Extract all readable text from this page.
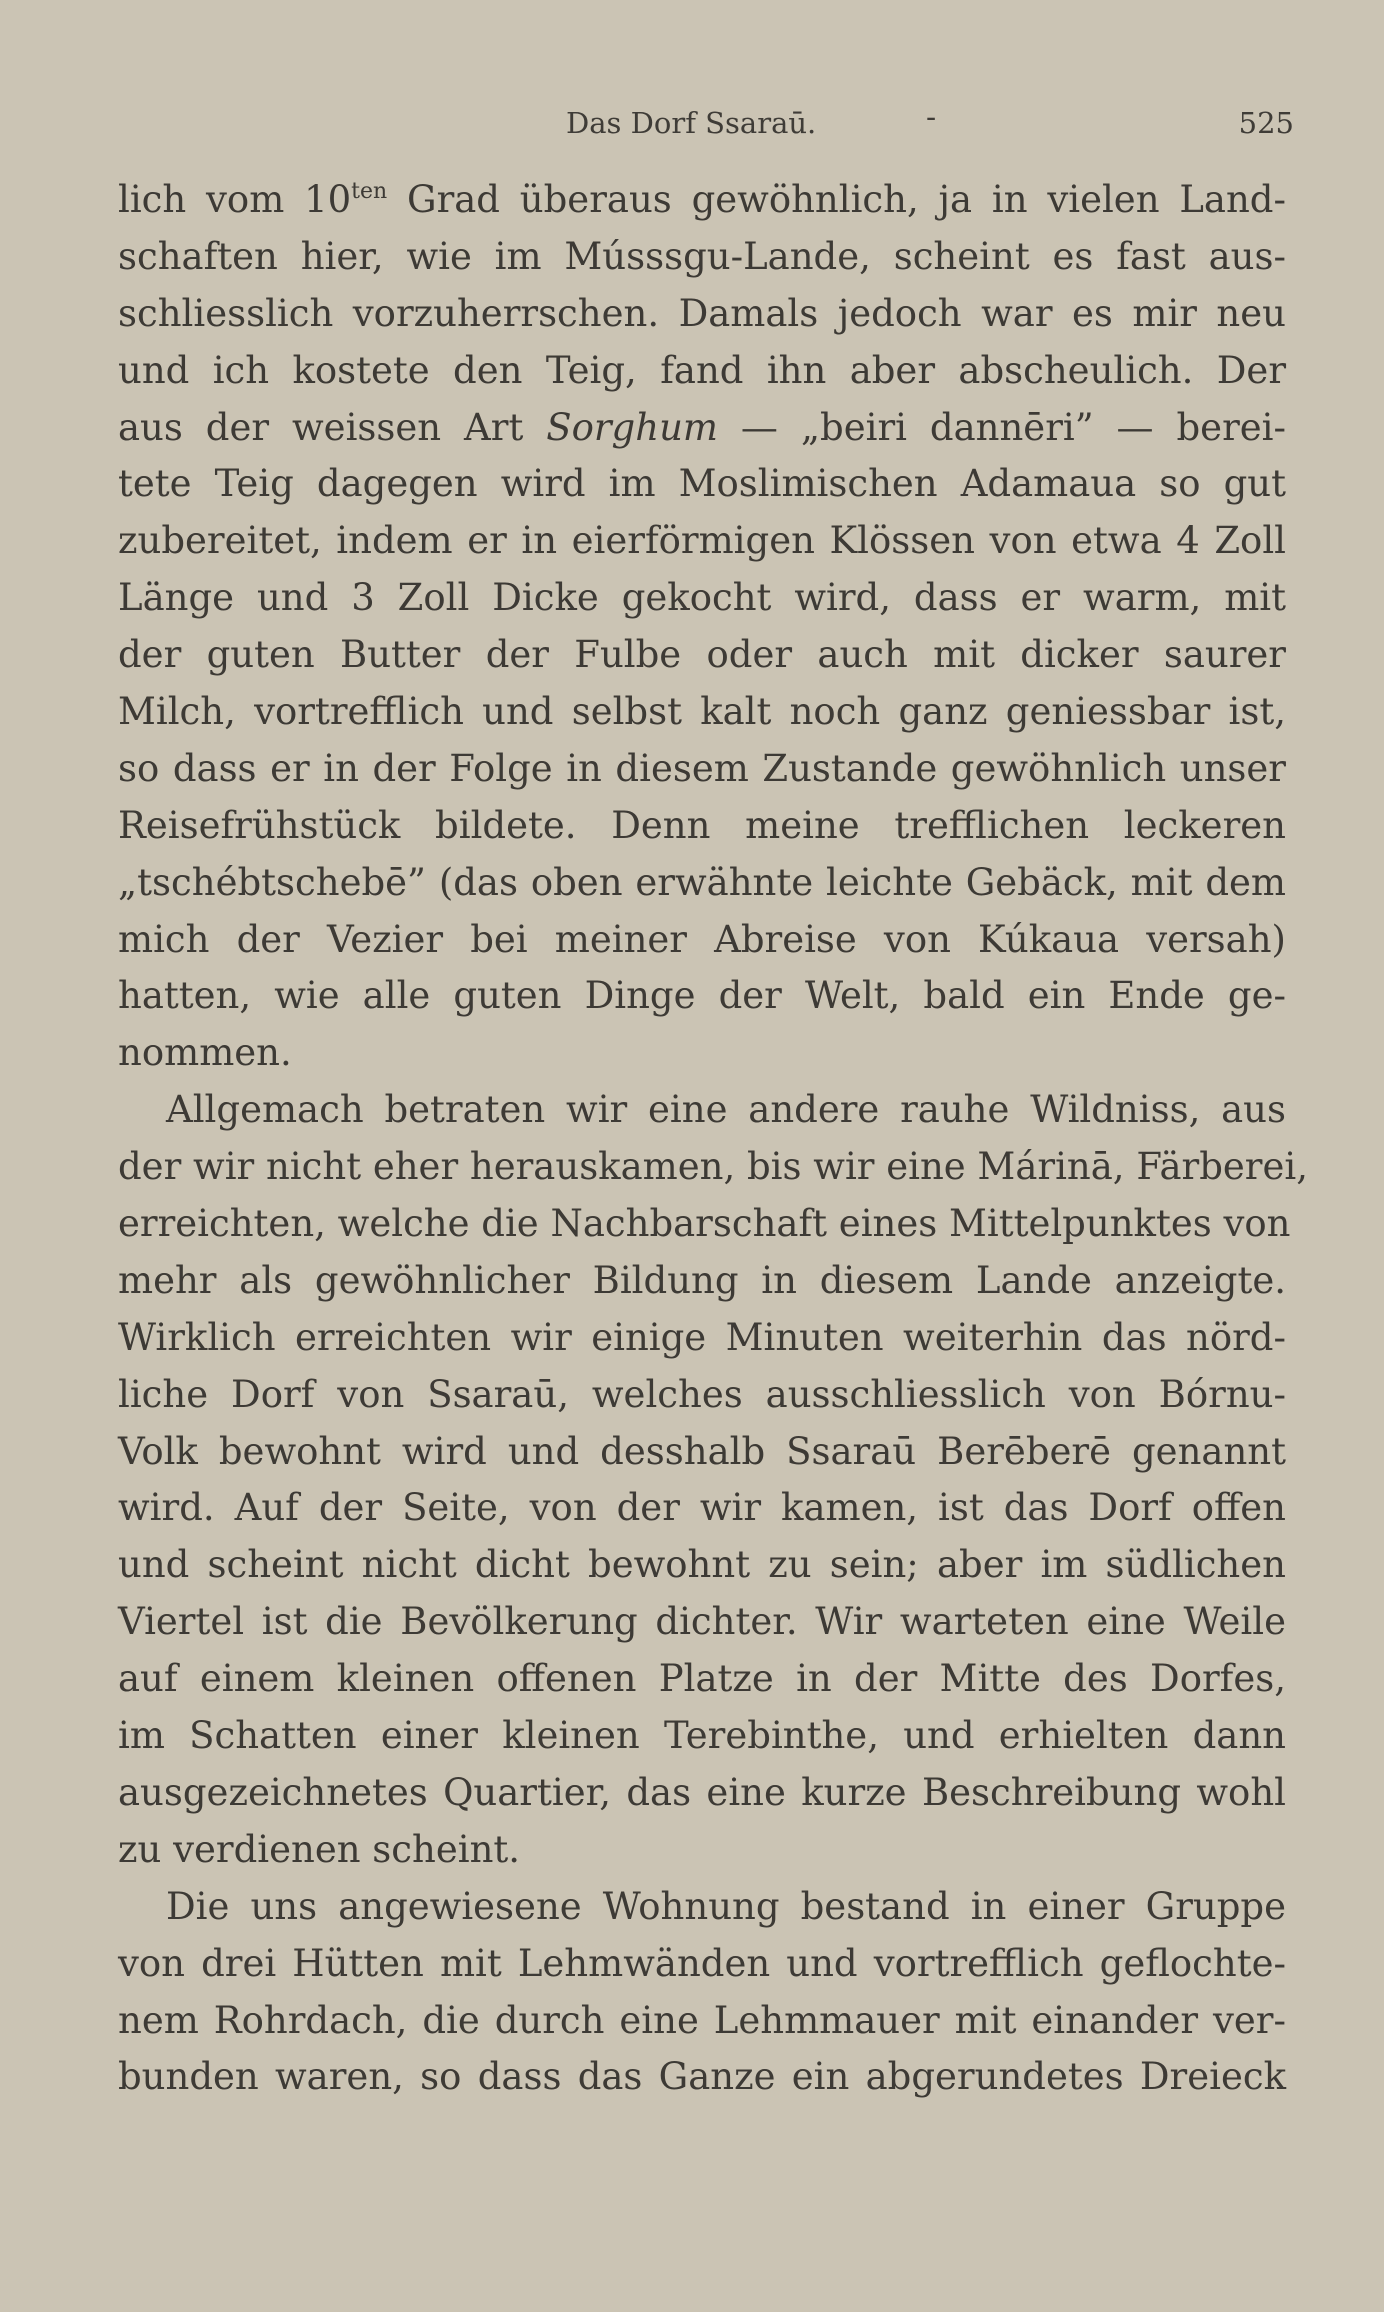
Das Dorf Ssaraū.	-	525
lich vom $10^{ten}$ Grad überaus gewöhnlich, ja in vielen Land-
schaften hier, wie im Músssgu-Lande, scheint es fast aus-
schliesslich vorzuherrschen. Damals jedoch war es mir neu
und ich kostete den Teig, fand ihn aber abscheulich. Der
aus der weissen Art Sorghum — „beiri dannēri” — berei-
tete Teig dagegen wird im Moslimischen Adamaua so gut
zubereitet, indem er in eierförmigen Klössen von etwa 4 Zoll
Länge und 3 Zoll Dicke gekocht wird, dass er warm, mit
der guten Butter der Fulbe oder auch mit dicker saurer
Milch, vortrefflich und selbst kalt noch ganz geniessbar ist,
so dass er in der Folge in diesem Zustande gewöhnlich unser
Reisefrühstück bildete. Denn meine trefflichen leckeren
„tschébtschebē” (das oben erwähnte leichte Gebäck, mit dem
mich der Vezier bei meiner Abreise von Kúkaua versah)
hatten, wie alle guten Dinge der Welt, bald ein Ende ge-
nommen.
Allgemach betraten wir eine andere rauhe Wildniss, aus
der wir nicht eher herauskamen, bis wir eine Márinā, Färberei,
erreichten, welche die Nachbarschaft eines Mittelpunktes von
mehr als gewöhnlicher Bildung in diesem Lande anzeigte.
Wirklich erreichten wir einige Minuten weiterhin das nörd-
liche Dorf von Ssaraū, welches ausschliesslich von Bórnu-
Volk bewohnt wird und desshalb Ssaraū Berēberē genannt
wird. Auf der Seite, von der wir kamen, ist das Dorf offen
und scheint nicht dicht bewohnt zu sein; aber im südlichen
Viertel ist die Bevölkerung dichter. Wir warteten eine Weile
auf einem kleinen offenen Platze in der Mitte des Dorfes,
im Schatten einer kleinen Terebinthe, und erhielten dann
ausgezeichnetes Quartier, das eine kurze Beschreibung wohl
zu verdienen scheint.
Die uns angewiesene Wohnung bestand in einer Gruppe
von drei Hütten mit Lehmwänden und vortrefflich geflochte-
nem Rohrdach, die durch eine Lehmmauer mit einander ver-
bunden waren, so dass das Ganze ein abgerundetes Dreieck
